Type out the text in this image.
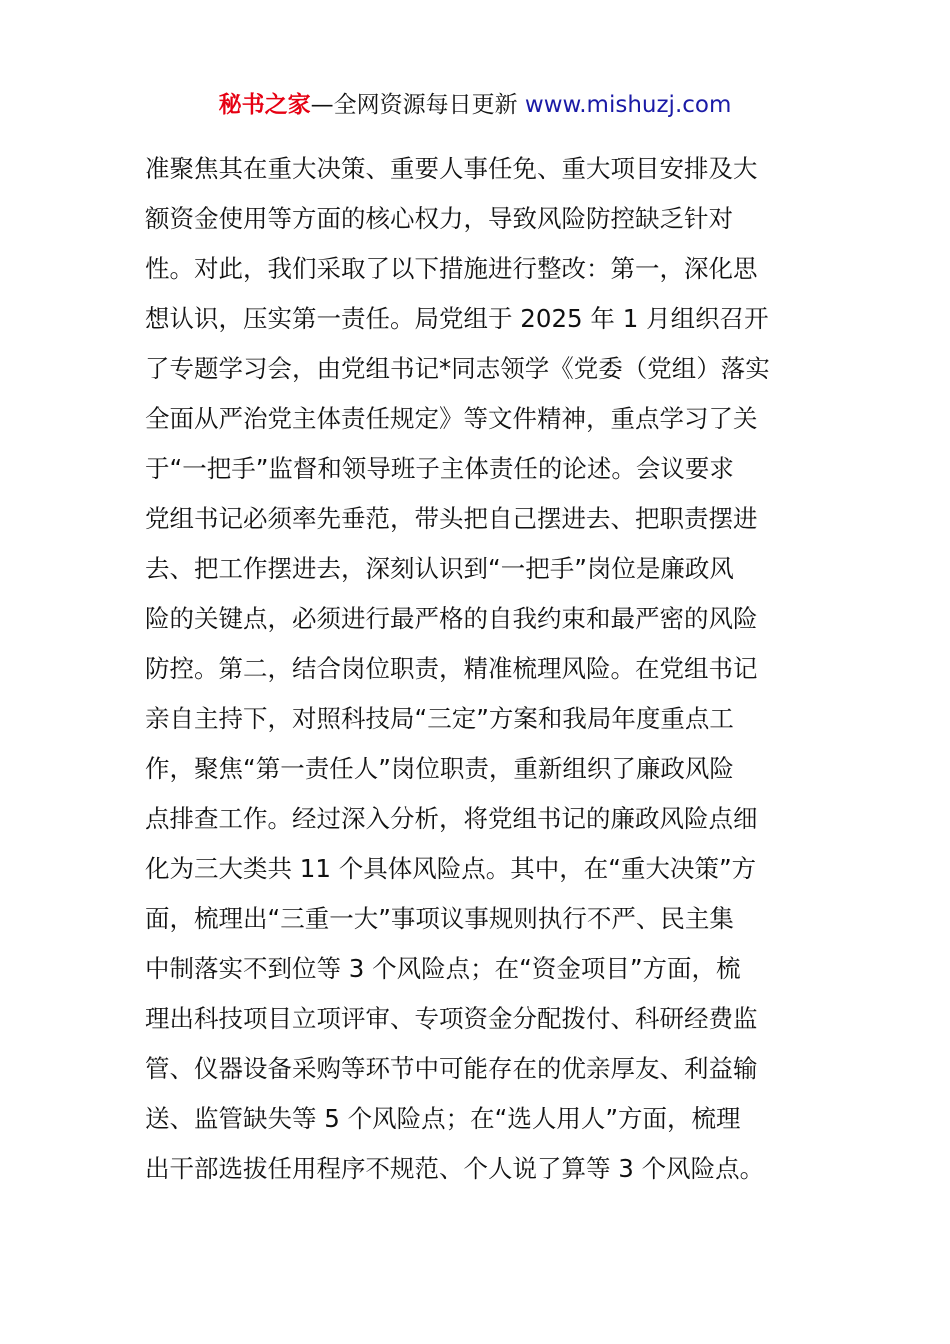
秘书之家—全网资源每日更新 www.mishuzj.com
准聚焦其在重大决策、重要人事任免、重大项目安排及大
额资金使用等方面的核心权力，导致风险防控缺乏针对
性。对此，我们采取了以下措施进行整改：第一，深化思
想认识，压实第一责任。局党组于 2025 年 1 月组织召开
了专题学习会，由党组书记*同志领学《党委（党组）落实
全面从严治党主体责任规定》等文件精神，重点学习了关
于“一把手”监督和领导班子主体责任的论述。会议要求
党组书记必须率先垂范，带头把自己摆进去、把职责摆进
去、把工作摆进去，深刻认识到“一把手”岗位是廉政风
险的关键点，必须进行最严格的自我约束和最严密的风险
防控。第二，结合岗位职责，精准梳理风险。在党组书记
亲自主持下，对照科技局“三定”方案和我局年度重点工
作，聚焦“第一责任人”岗位职责，重新组织了廉政风险
点排查工作。经过深入分析，将党组书记的廉政风险点细
化为三大类共 11 个具体风险点。其中，在“重大决策”方
面，梳理出“三重一大”事项议事规则执行不严、民主集
中制落实不到位等 3 个风险点；在“资金项目”方面，梳
理出科技项目立项评审、专项资金分配拨付、科研经费监
管、仪器设备采购等环节中可能存在的优亲厚友、利益输
送、监管缺失等 5 个风险点；在“选人用人”方面，梳理
出干部选拔任用程序不规范、个人说了算等 3 个风险点。
